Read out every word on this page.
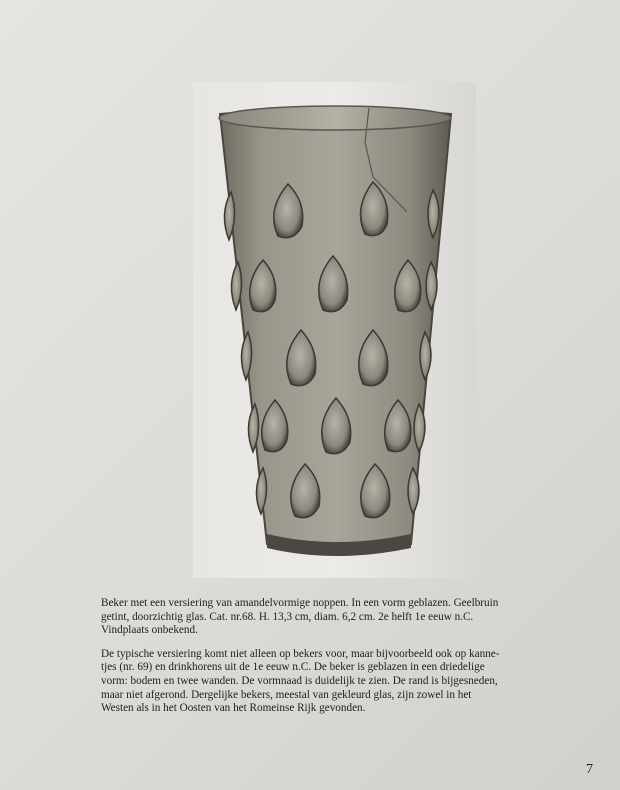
Beker met een versiering van amandelvormige noppen. In een vorm geblazen. Geelbruin
getint, doorzichtig glas. Cat. nr.68. H. 13,3 cm, diam. 6,2 cm. 2e helft 1e eeuw n.C.
Vindplaats onbekend.

De typische versiering komt niet alleen op bekers voor, maar bijvoorbeeld ook op kanne-
tjes (nr. 69) en drinkhorens uit de 1e eeuw n.C. De beker is geblazen in een driedelige
vorm: bodem en twee wanden. De vormnaad is duidelijk te zien. De rand is bijgesneden,
maar niet afgerond. Dergelijke bekers, meestal van gekleurd glas, zijn zowel in het
Westen als in het Oosten van het Romeinse Rijk gevonden.

7
